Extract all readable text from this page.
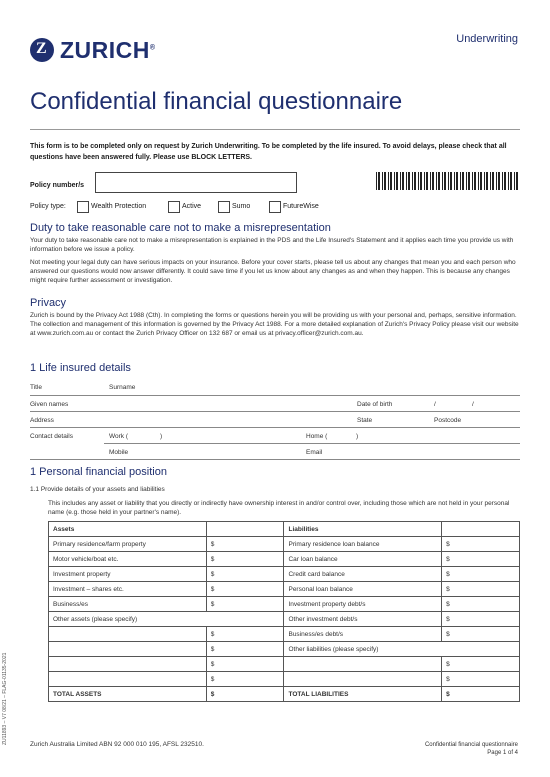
Z ZURICH®
Underwriting
Confidential financial questionnaire
This form is to be completed only on request by Zurich Underwriting. To be completed by the life insured. To avoid delays, please check that all questions have been answered fully. Please use BLOCK LETTERS.
Policy number/s
Policy type:	Wealth Protection	Active	Sumo	FutureWise
Duty to take reasonable care not to make a misrepresentation
Your duty to take reasonable care not to make a misrepresentation is explained in the PDS and the Life Insured's Statement and it applies each time you provide us with information before we issue a policy.
Not meeting your legal duty can have serious impacts on your insurance. Before your cover starts, please tell us about any changes that mean you and each person who answered our questions would now answer differently. It could save time if you let us know about any changes as and when they happen. This is because any changes might require further assessment or investigation.
Privacy
Zurich is bound by the Privacy Act 1988 (Cth). In completing the forms or questions herein you will be providing us with your personal and, perhaps, sensitive information. The collection and management of this information is governed by the Privacy Act 1988. For a more detailed explanation of Zurich's Privacy Policy please visit our website at www.zurich.com.au or contact the Zurich Privacy Officer on 132 687 or email us at privacy.officer@zurich.com.au.
1 Life insured details
Title	Surname
Given names	Date of birth	/	/
Address	State	Postcode
Contact details	Work (	)	Home (	)
Mobile	Email
1 Personal financial position
1.1 Provide details of your assets and liabilities
This includes any asset or liability that you directly or indirectly have ownership interest in and/or control over, including those which are not held in your personal name (e.g. those held in your partner's name).
Assets		Liabilities	
Primary residence/farm property	$	Primary residence loan balance	$
Motor vehicle/boat etc.	$	Car loan balance	$
Investment property	$	Credit card balance	$
Investment – shares etc.	$	Personal loan balance	$
Business/es	$	Investment property debt/s	$
Other assets (please specify)		Other investment debt/s	$
	$	Business/es debt/s	$
	$	Other liabilities (please specify)	
	$		$
	$		$
TOTAL ASSETS	$	TOTAL LIABILITIES	$
ZU11893 – V7 08/21 – FLAG-01135-2021	Zurich Australia Limited ABN 92 000 010 195, AFSL 232510.	Confidential financial questionnaire
Page 1 of 4
